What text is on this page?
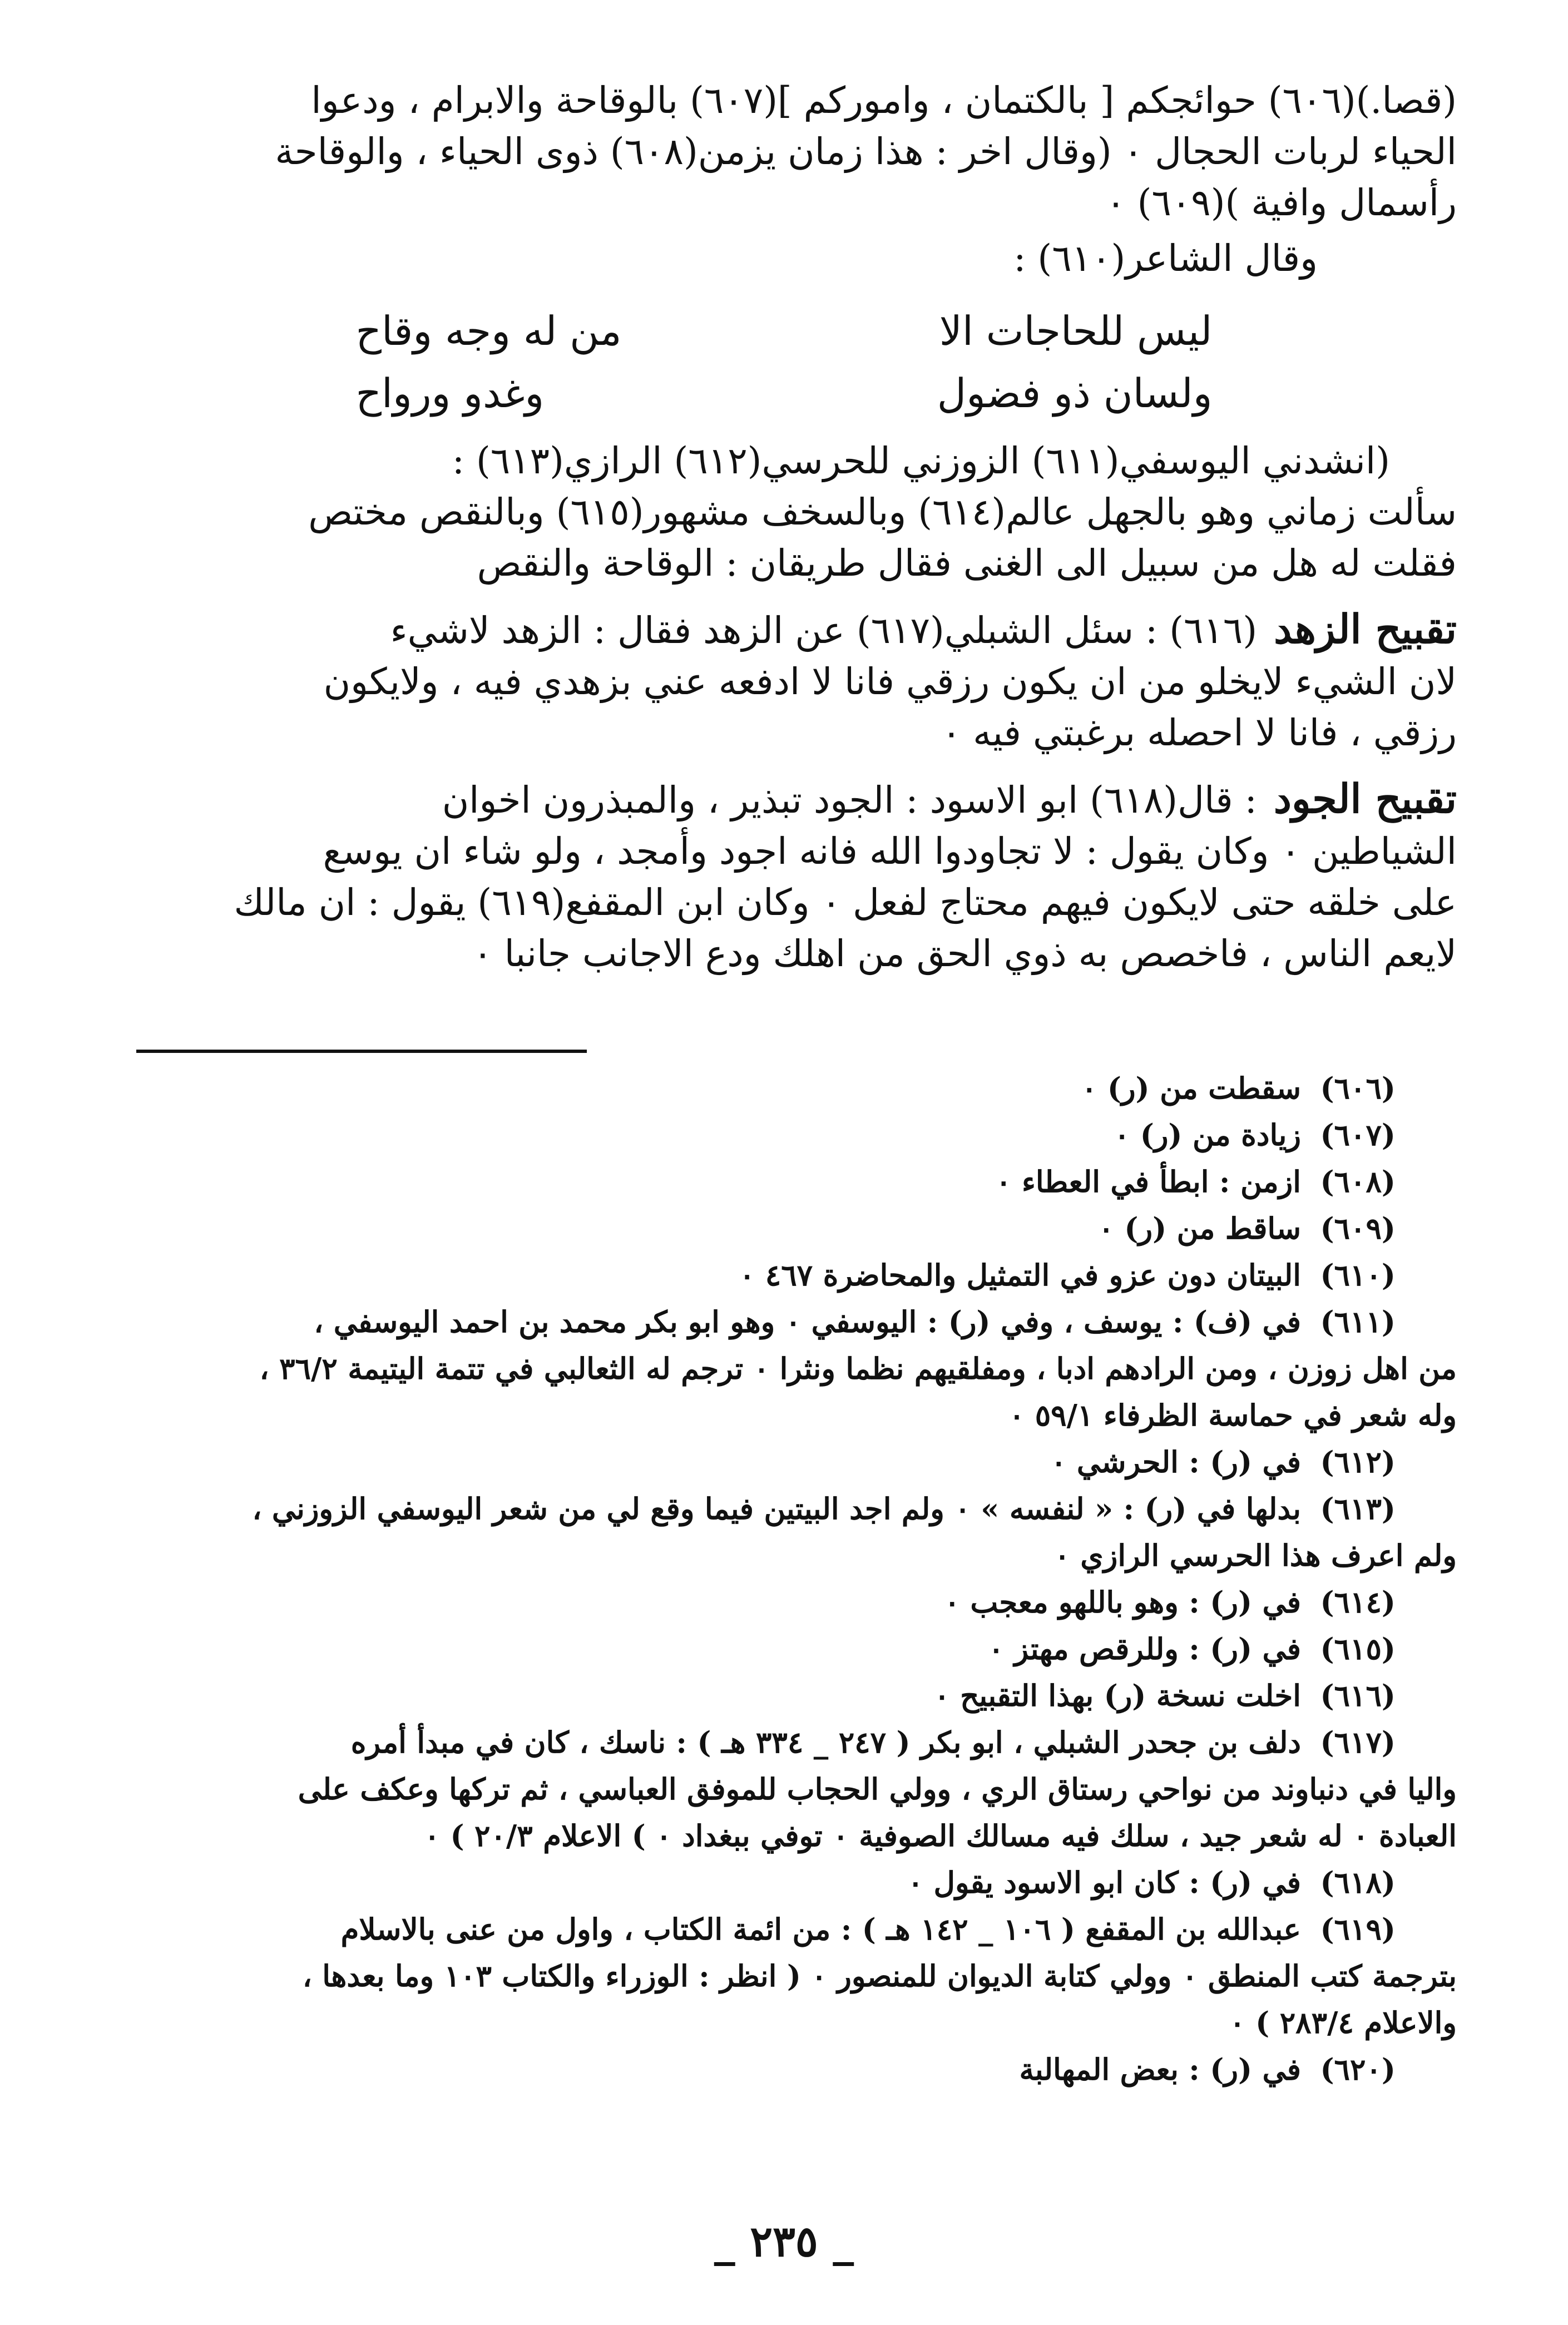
(قصا.)(٦٠٦) حوائجكم [ بالكتمان ، واموركم ](٦٠٧) بالوقاحة والابرام ، ودعوا
الحياء لربات الحجال ٠ (وقال اخر : هذا زمان يزمن(٦٠٨) ذوى الحياء ، والوقاحة
رأسمال وافية )(٦٠٩) ٠

وقال الشاعر(٦١٠) :
ليس للحاجات الا
من له وجه وقاح
ولسان ذو فضول
وغدو ورواح

(انشدني اليوسفي(٦١١) الزوزني للحرسي(٦١٢) الرازي(٦١٣) :
سألت زماني وهو بالجهل عالم(٦١٤) وبالسخف مشهور(٦١٥) وبالنقص مختص
فقلت له هل من سبيل الى الغنى فقال طريقان : الوقاحة والنقص

تقبيح الزهد(٦١٦) : سئل الشبلي(٦١٧) عن الزهد فقال : الزهد لاشيء
لان الشيء لايخلو من ان يكون رزقي فانا لا ادفعه عني بزهدي فيه ، ولايكون
رزقي ، فانا لا احصله برغبتي فيه ٠

تقبيح الجود: قال(٦١٨) ابو الاسود : الجود تبذير ، والمبذرون اخوان
الشياطين ٠ وكان يقول : لا تجاودوا الله فانه اجود وأمجد ، ولو شاء ان يوسع
على خلقه حتى لايكون فيهم محتاج لفعل ٠ وكان ابن المقفع(٦١٩) يقول : ان مالك
لايعم الناس ، فاخصص به ذوي الحق من اهلك ودع الاجانب جانبا ٠

(٦٠٦)
سقطت من (ر) ٠
(٦٠٧)
زيادة من (ر) ٠
(٦٠٨)
ازمن : ابطأ في العطاء ٠
(٦٠٩)
ساقط من (ر) ٠
(٦١٠)
البيتان دون عزو في التمثيل والمحاضرة ٤٦٧ ٠
(٦١١)
في (ف) : يوسف ، وفي (ر) : اليوسفي ٠ وهو ابو بكر محمد بن احمد اليوسفي ،
من اهل زوزن ، ومن الرادهم ادبا ، ومفلقيهم نظما ونثرا ٠ ترجم له الثعالبي في تتمة اليتيمة ٣٦/٢ ،
وله شعر في حماسة الظرفاء ٥٩/١ ٠
(٦١٢)
في (ر) : الحرشي ٠
(٦١٣)
بدلها في (ر) : « لنفسه » ٠ ولم اجد البيتين فيما وقع لي من شعر اليوسفي الزوزني ،
ولم اعرف هذا الحرسي الرازي ٠
(٦١٤)
في (ر) : وهو باللهو معجب ٠
(٦١٥)
في (ر) : وللرقص مهتز ٠
(٦١٦)
اخلت نسخة (ر) بهذا التقبيح ٠
(٦١٧)
دلف بن جحدر الشبلي ، ابو بكر ( ٢٤٧ _ ٣٣٤ هـ ) : ناسك ، كان في مبدأ أمره
واليا في دنباوند من نواحي رستاق الري ، وولي الحجاب للموفق العباسي ، ثم تركها وعكف على
العبادة ٠ له شعر جيد ، سلك فيه مسالك الصوفية ٠ توفي ببغداد ٠ ) الاعلام ٢٠/٣ ) ٠
(٦١٨)
في (ر) : كان ابو الاسود يقول ٠
(٦١٩)
عبدالله بن المقفع ( ١٠٦ _ ١٤٢ هـ ) : من ائمة الكتاب ، واول من عنى بالاسلام
بترجمة كتب المنطق ٠ وولي كتابة الديوان للمنصور ٠ ( انظر : الوزراء والكتاب ١٠٣ وما بعدها ،
والاعلام ٢٨٣/٤ ) ٠
(٦٢٠)
في (ر) : بعض المهالبة
_ ٢٣٥ _
